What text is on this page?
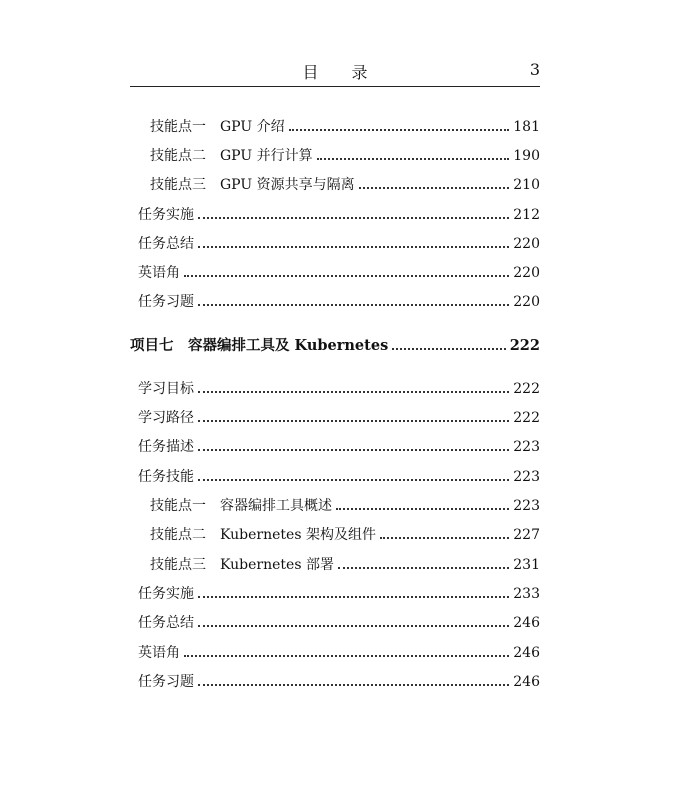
目 录	3
技能点一　GPU 介绍	181
技能点二　GPU 并行计算	190
技能点三　GPU 资源共享与隔离	210
任务实施	212
任务总结	220
英语角	220
任务习题	220
项目七　容器编排工具及 Kubernetes	222
学习目标	222
学习路径	222
任务描述	223
任务技能	223
技能点一　容器编排工具概述	223
技能点二　Kubernetes 架构及组件	227
技能点三　Kubernetes 部署	231
任务实施	233
任务总结	246
英语角	246
任务习题	246
